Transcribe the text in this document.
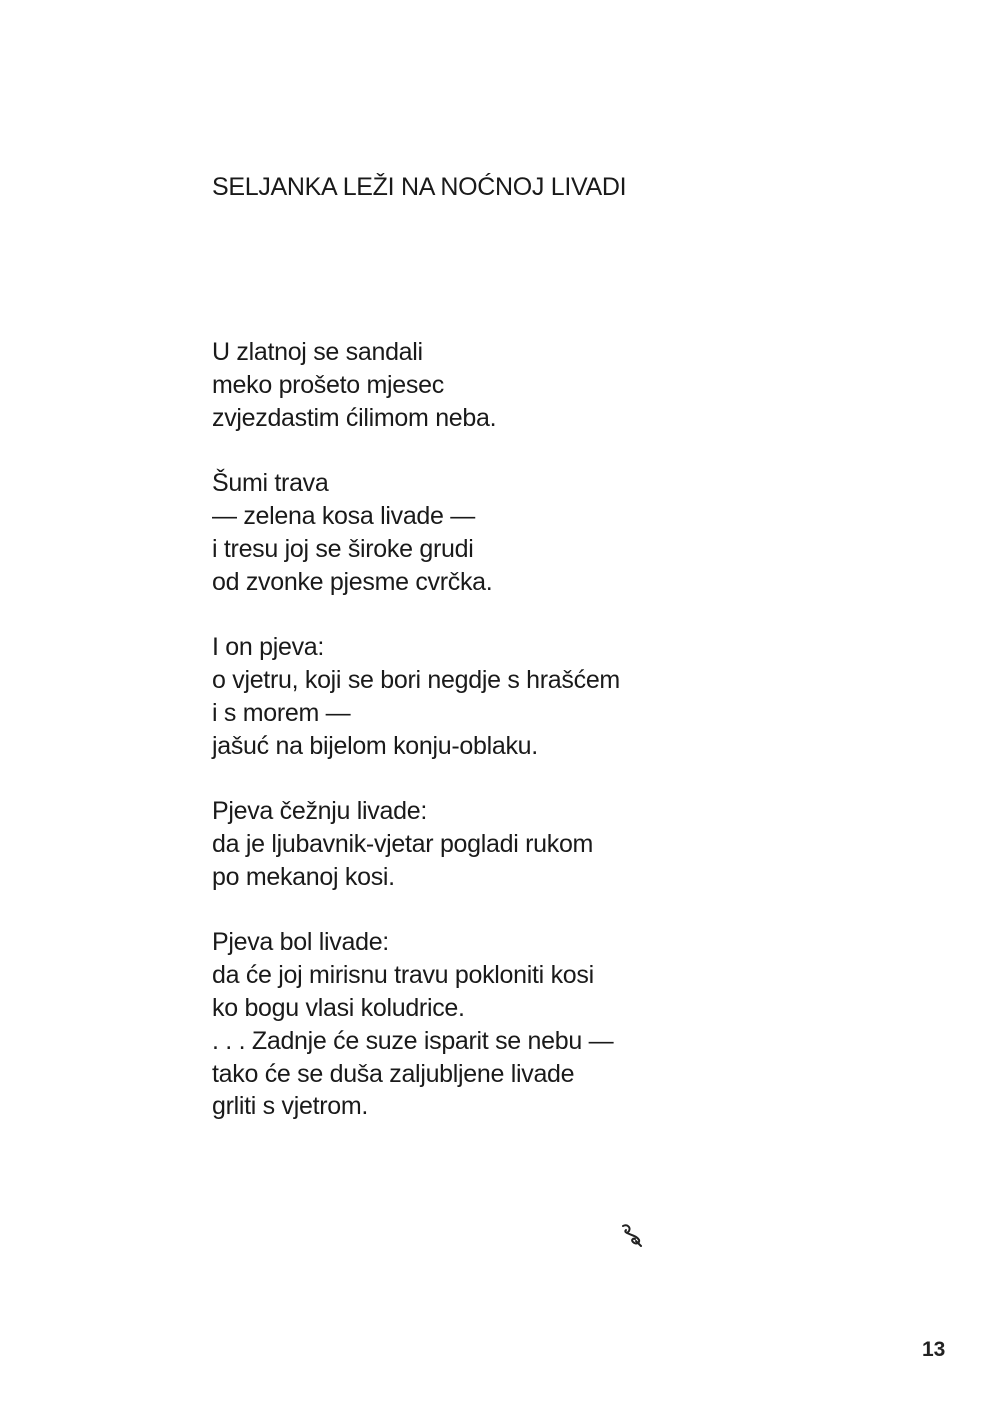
SELJANKA LEŽI NA NOĆNOJ LIVADI
U zlatnoj se sandali
meko prošeto mjesec
zvjezdastim ćilimom neba.
Šumi trava
— zelena kosa livade —
i tresu joj se široke grudi
od zvonke pjesme cvrčka.
I on pjeva:
o vjetru, koji se bori negdje s hrašćem
i s morem —
jašuć na bijelom konju-oblaku.
Pjeva čežnju livade:
da je ljubavnik-vjetar pogladi rukom
po mekanoj kosi.
Pjeva bol livade:
da će joj mirisnu travu pokloniti kosi
ko bogu vlasi koludrice.
. . . Zadnje će suze isparit se nebu —
tako će se duša zaljubljene livade
grliti s vjetrom.
13
